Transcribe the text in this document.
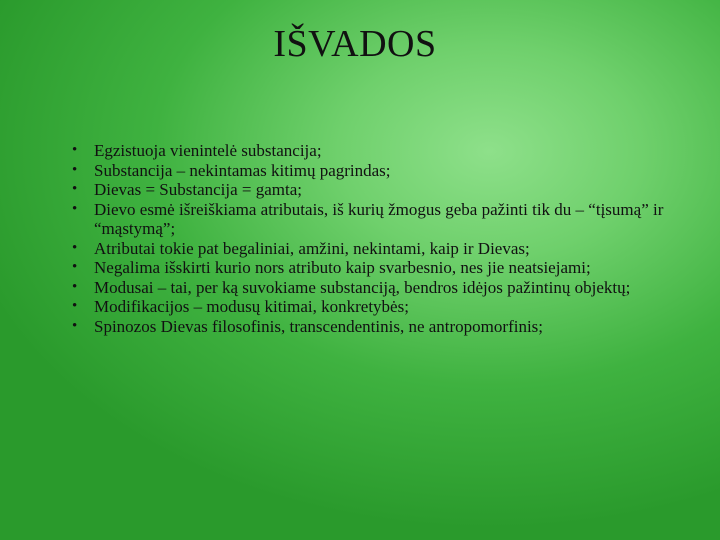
IŠVADOS
• Egzistuoja vienintelė substancija;
• Substancija – nekintamas kitimų pagrindas;
• Dievas = Substancija = gamta;
• Dievo esmė išreiškiama atributais, iš kurių žmogus geba pažinti tik du – “tįsumą” ir “mąstymą”;
• Atributai tokie pat begaliniai, amžini, nekintami, kaip ir Dievas;
• Negalima išskirti kurio nors atributo kaip svarbesnio, nes jie neatsiejami;
• Modusai – tai, per ką suvokiame substanciją, bendros idėjos pažintinų objektų;
• Modifikacijos – modusų kitimai, konkretybės;
• Spinozos Dievas filosofinis, transcendentinis, ne antropomorfinis;
